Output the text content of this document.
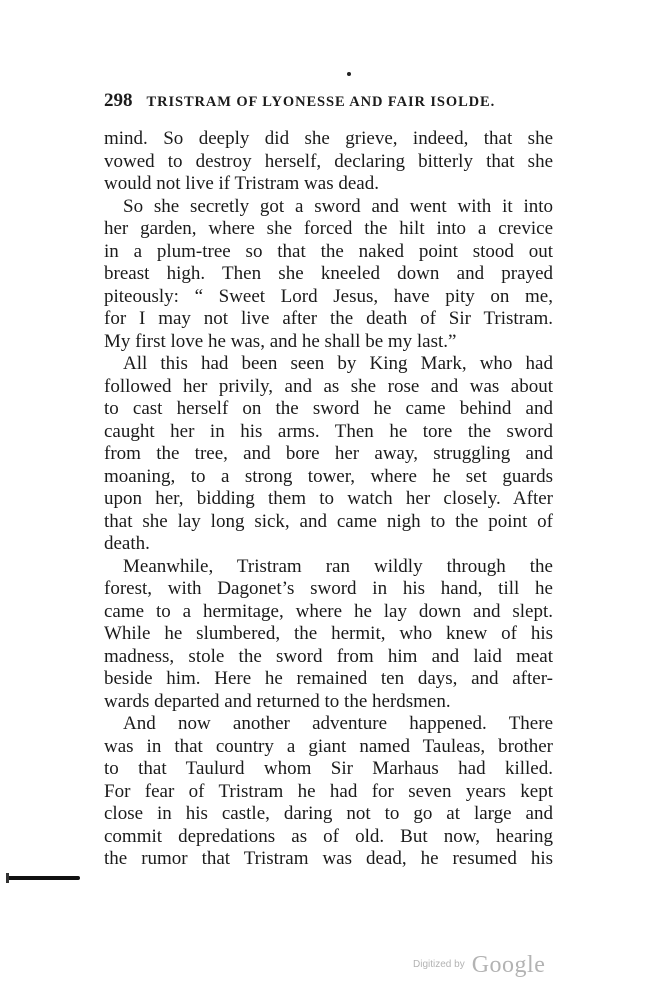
298 TRISTRAM OF LYONESSE AND FAIR ISOLDE.
mind. So deeply did she grieve, indeed, that she
vowed to destroy herself, declaring bitterly that she
would not live if Tristram was dead.
So she secretly got a sword and went with it into
her garden, where she forced the hilt into a crevice
in a plum-tree so that the naked point stood out
breast high. Then she kneeled down and prayed
piteously: “ Sweet Lord Jesus, have pity on me,
for I may not live after the death of Sir Tristram.
My first love he was, and he shall be my last.”
All this had been seen by King Mark, who had
followed her privily, and as she rose and was about
to cast herself on the sword he came behind and
caught her in his arms. Then he tore the sword
from the tree, and bore her away, struggling and
moaning, to a strong tower, where he set guards
upon her, bidding them to watch her closely. After
that she lay long sick, and came nigh to the point of
death.
Meanwhile, Tristram ran wildly through the
forest, with Dagonet’s sword in his hand, till he
came to a hermitage, where he lay down and slept.
While he slumbered, the hermit, who knew of his
madness, stole the sword from him and laid meat
beside him. Here he remained ten days, and after-
wards departed and returned to the herdsmen.
And now another adventure happened. There
was in that country a giant named Tauleas, brother
to that Taulurd whom Sir Marhaus had killed.
For fear of Tristram he had for seven years kept
close in his castle, daring not to go at large and
commit depredations as of old. But now, hearing
the rumor that Tristram was dead, he resumed his
$^{Digitized by}$ Google
